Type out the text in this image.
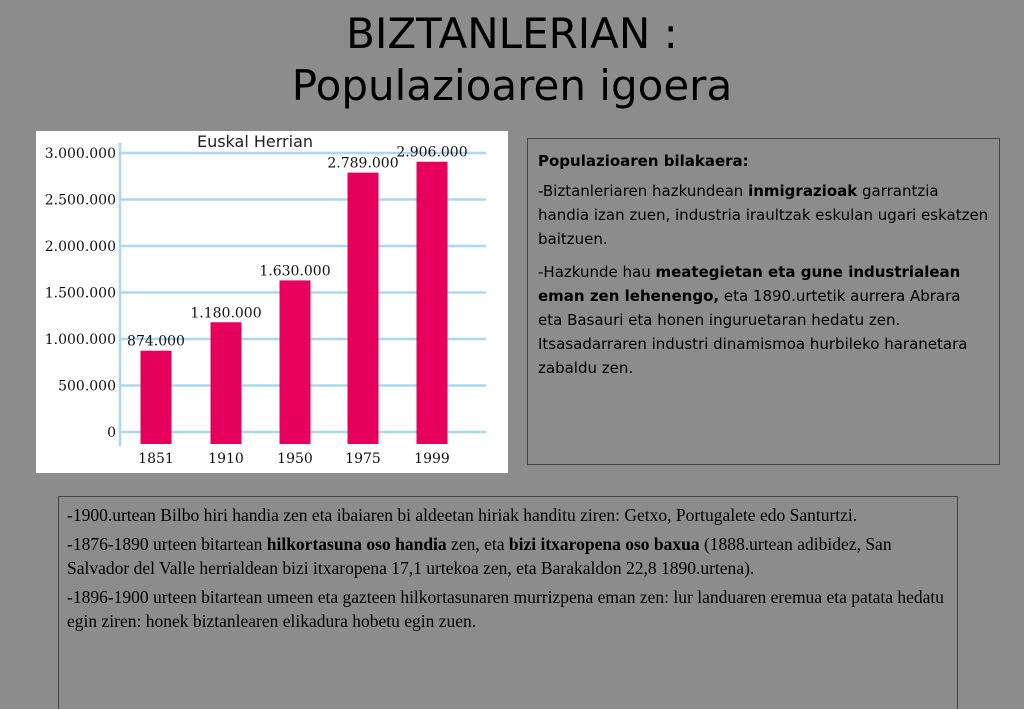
BIZTANLERIAN :
Populazioaren igoera
Euskal Herrian
0
500.000
1.000.000
1.500.000
2.000.000
2.500.000
3.000.000
874.000
1851
1.180.000
1910
1.630.000
1950
2.789.000
1975
2.906.000
1999

Populazioaren bilakaera:

-Biztanleriaren hazkundean inmigrazioak garrantzia handia izan zuen, industria iraultzak eskulan ugari eskatzen baitzuen.

-Hazkunde hau meategietan eta gune industrialean eman zen lehenengo, eta 1890.urtetik aurrera Abrara eta Basauri eta honen inguruetaran hedatu zen. Itsasadarraren industri dinamismoa hurbileko haranetara zabaldu zen.

-1900.urtean Bilbo hiri handia zen eta ibaiaren bi aldeetan hiriak handitu ziren: Getxo, Portugalete edo Santurtzi.

-1876-1890 urteen bitartean hilkortasuna oso handia zen, eta bizi itxaropena oso baxua (1888.urtean adibidez, San Salvador del Valle herrialdean bizi itxaropena 17,1 urtekoa zen, eta Barakaldon 22,8 1890.urtena).

-1896-1900 urteen bitartean umeen eta gazteen hilkortasunaren murrizpena eman zen: lur landuaren eremua eta patata hedatu egin ziren: honek biztanlearen elikadura hobetu egin zuen.
